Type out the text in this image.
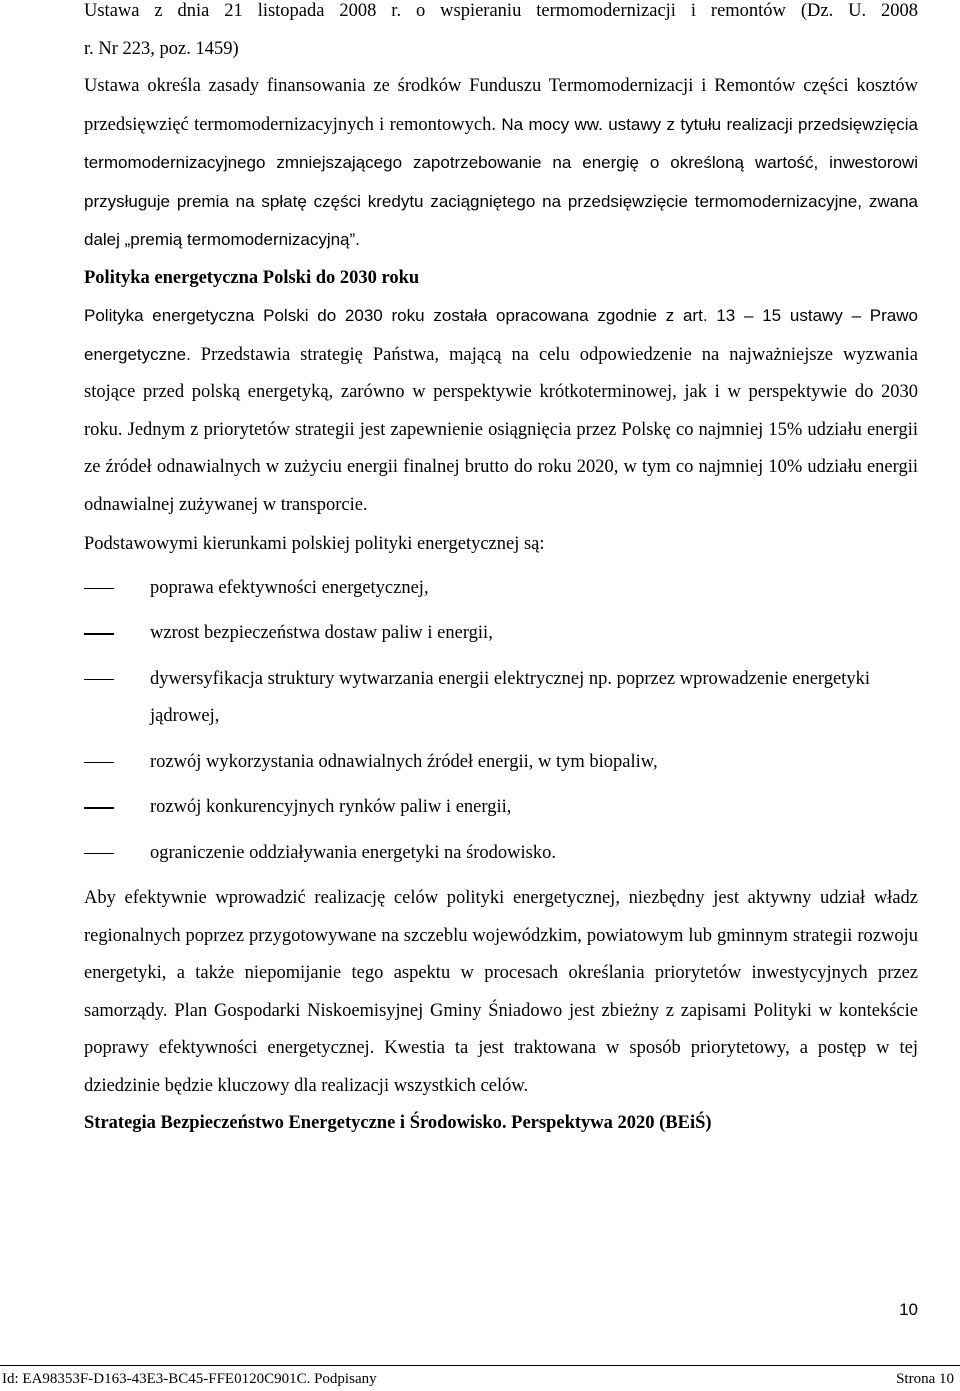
Ustawa z dnia 21 listopada 2008 r. o wspieraniu termomodernizacji i remontów (Dz. U. 2008

r. Nr 223, poz. 1459)

Ustawa określa zasady finansowania ze środków Funduszu Termomodernizacji i Remontów części kosztów przedsięwzięć termomodernizacyjnych i remontowych. Na mocy ww. ustawy z tytułu realizacji przedsięwzięcia termomodernizacyjnego zmniejszającego zapotrzebowanie na energię o określoną wartość, inwestorowi przysługuje premia na spłatę części kredytu zaciągniętego na przedsięwzięcie termomodernizacyjne, zwana dalej „premią termomodernizacyjną”.

Polityka energetyczna Polski do 2030 roku

Polityka energetyczna Polski do 2030 roku została opracowana zgodnie z art. 13 – 15 ustawy – Prawo energetyczne. Przedstawia strategię Państwa, mającą na celu odpowiedzenie na najważniejsze wyzwania stojące przed polską energetyką, zarówno w perspektywie krótkoterminowej, jak i w perspektywie do 2030 roku. Jednym z priorytetów strategii jest zapewnienie osiągnięcia przez Polskę co najmniej 15% udziału energii ze źródeł odnawialnych w zużyciu energii finalnej brutto do roku 2020, w tym co najmniej 10% udziału energii odnawialnej zużywanej w transporcie.

Podstawowymi kierunkami polskiej polityki energetycznej są:

poprawa efektywności energetycznej,
wzrost bezpieczeństwa dostaw paliw i energii,
dywersyfikacja struktury wytwarzania energii elektrycznej np. poprzez wprowadzenie energetyki jądrowej,
rozwój wykorzystania odnawialnych źródeł energii, w tym biopaliw,
rozwój konkurencyjnych rynków paliw i energii,
ograniczenie oddziaływania energetyki na środowisko.

Aby efektywnie wprowadzić realizację celów polityki energetycznej, niezbędny jest aktywny udział władz regionalnych poprzez przygotowywane na szczeblu wojewódzkim, powiatowym lub gminnym strategii rozwoju energetyki, a także niepomijanie tego aspektu w procesach określania priorytetów inwestycyjnych przez samorządy. Plan Gospodarki Niskoemisyjnej Gminy Śniadowo jest zbieżny z zapisami Polityki w kontekście poprawy efektywności energetycznej. Kwestia ta jest traktowana w sposób priorytetowy, a postęp w tej dziedzinie będzie kluczowy dla realizacji wszystkich celów.

Strategia Bezpieczeństwo Energetyczne i Środowisko. Perspektywa 2020 (BEiŚ)

10
Id: EA98353F-D163-43E3-BC45-FFE0120C901C. Podpisany	Strona 10
